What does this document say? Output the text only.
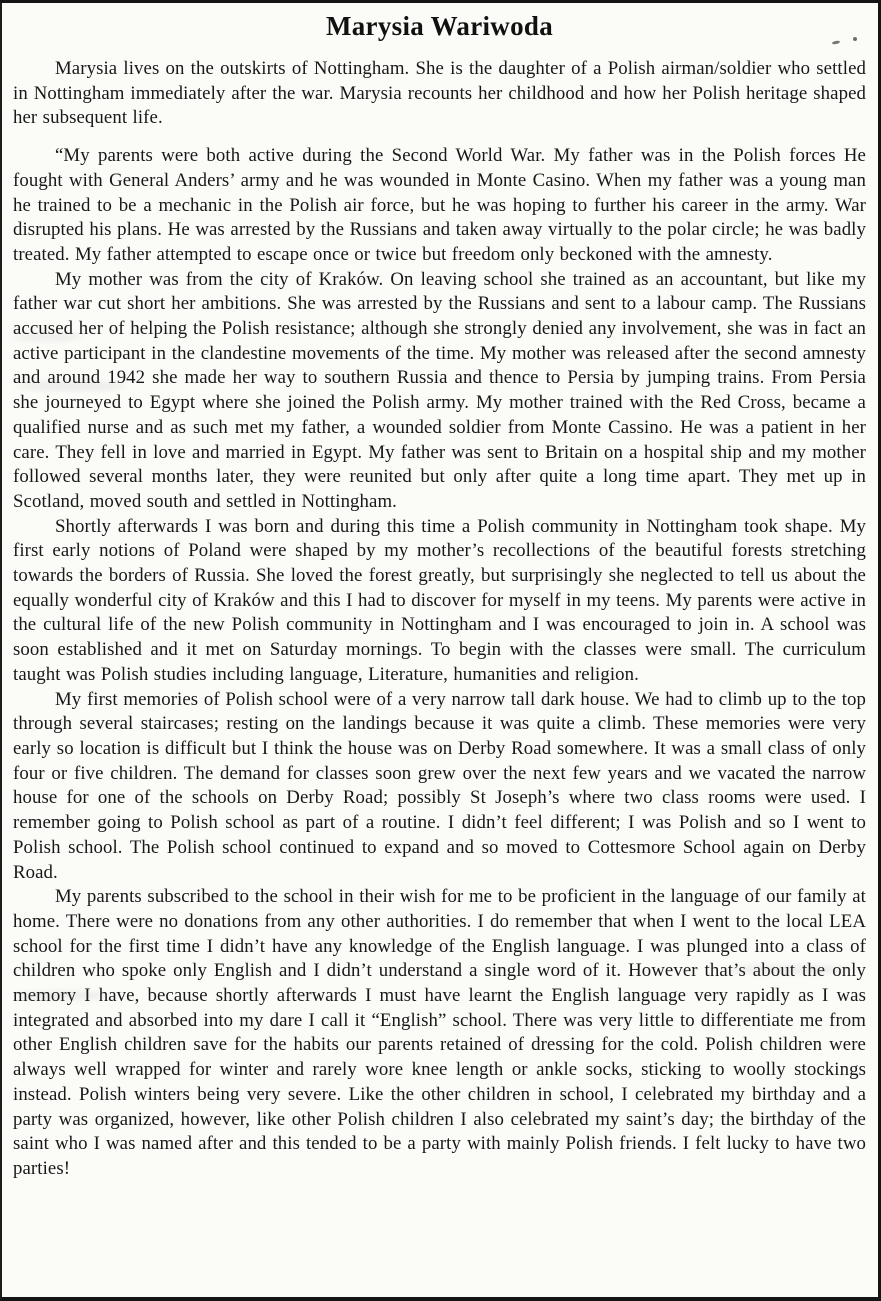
Marysia Wariwoda

Marysia lives on the outskirts of Nottingham. She is the daughter of a Polish airman/soldier who settled in Nottingham immediately after the war. Marysia recounts her childhood and how her Polish heritage shaped her subsequent life.

“My parents were both active during the Second World War. My father was in the Polish forces He fought with General Anders’ army and he was wounded in Monte Casino. When my father was a young man he trained to be a mechanic in the Polish air force, but he was hoping to further his career in the army. War disrupted his plans. He was arrested by the Russians and taken away virtually to the polar circle; he was badly treated. My father attempted to escape once or twice but freedom only beckoned with the amnesty.

My mother was from the city of Kraków. On leaving school she trained as an accountant, but like my father war cut short her ambitions. She was arrested by the Russians and sent to a labour camp. The Russians accused her of helping the Polish resistance; although she strongly denied any involvement, she was in fact an active participant in the clandestine movements of the time. My mother was released after the second amnesty and around 1942 she made her way to southern Russia and thence to Persia by jumping trains. From Persia she journeyed to Egypt where she joined the Polish army. My mother trained with the Red Cross, became a qualified nurse and as such met my father, a wounded soldier from Monte Cassino. He was a patient in her care. They fell in love and married in Egypt. My father was sent to Britain on a hospital ship and my mother followed several months later, they were reunited but only after quite a long time apart. They met up in Scotland, moved south and settled in Nottingham.

Shortly afterwards I was born and during this time a Polish community in Nottingham took shape. My first early notions of Poland were shaped by my mother’s recollections of the beautiful forests stretching towards the borders of Russia. She loved the forest greatly, but surprisingly she neglected to tell us about the equally wonderful city of Kraków and this I had to discover for myself in my teens. My parents were active in the cultural life of the new Polish community in Nottingham and I was encouraged to join in. A school was soon established and it met on Saturday mornings. To begin with the classes were small. The curriculum taught was Polish studies including language, Literature, humanities and religion.

My first memories of Polish school were of a very narrow tall dark house. We had to climb up to the top through several staircases; resting on the landings because it was quite a climb. These memories were very early so location is difficult but I think the house was on Derby Road somewhere. It was a small class of only four or five children. The demand for classes soon grew over the next few years and we vacated the narrow house for one of the schools on Derby Road; possibly St Joseph’s where two class rooms were used. I remember going to Polish school as part of a routine. I didn’t feel different; I was Polish and so I went to Polish school. The Polish school continued to expand and so moved to Cottesmore School again on Derby Road.

My parents subscribed to the school in their wish for me to be proficient in the language of our family at home. There were no donations from any other authorities. I do remember that when I went to the local LEA school for the first time I didn’t have any knowledge of the English language. I was plunged into a class of children who spoke only English and I didn’t understand a single word of it. However that’s about the only memory I have, because shortly afterwards I must have learnt the English language very rapidly as I was integrated and absorbed into my dare I call it “English” school. There was very little to differentiate me from other English children save for the habits our parents retained of dressing for the cold. Polish children were always well wrapped for winter and rarely wore knee length or ankle socks, sticking to woolly stockings instead. Polish winters being very severe. Like the other children in school, I celebrated my birthday and a party was organized, however, like other Polish children I also celebrated my saint’s day; the birthday of the saint who I was named after and this tended to be a party with mainly Polish friends. I felt lucky to have two parties!
